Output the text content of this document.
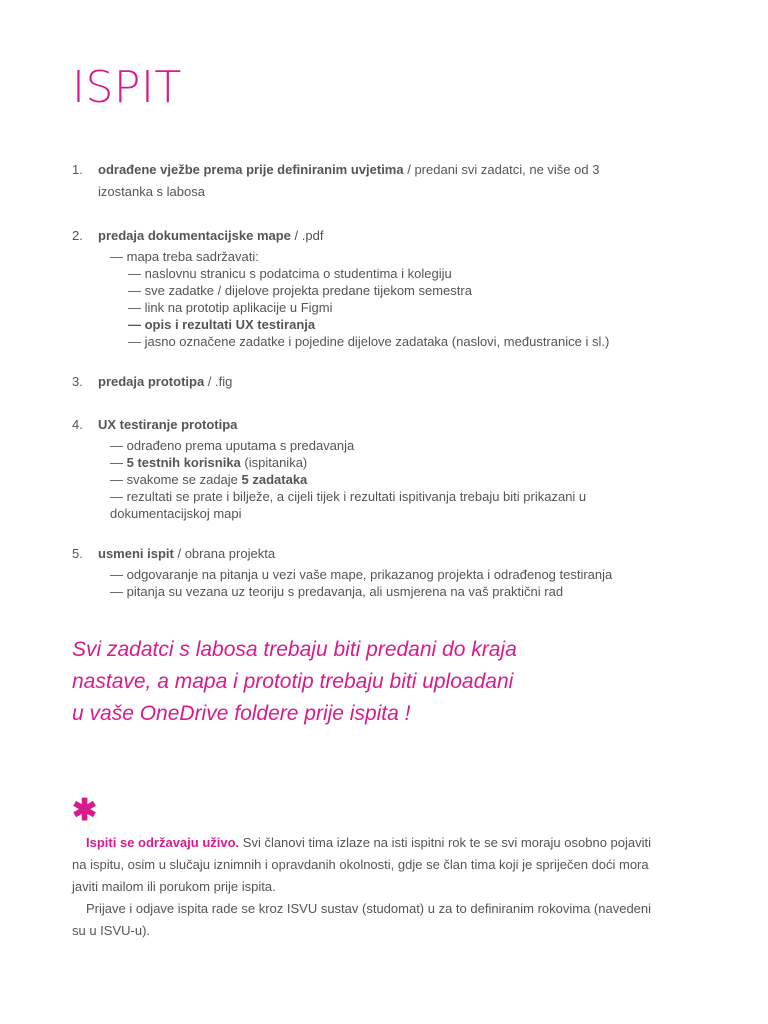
ISPIT
1. odrađene vježbe prema prije definiranim uvjetima / predani svi zadatci, ne više od 3
izostanka s labosa
2. predaja dokumentacijske mape / .pdf
— mapa treba sadržavati:
— naslovnu stranicu s podatcima o studentima i kolegiju
— sve zadatke / dijelove projekta predane tijekom semestra
— link na prototip aplikacije u Figmi
— opis i rezultati UX testiranja
— jasno označene zadatke i pojedine dijelove zadataka (naslovi, međustranice i sl.)
3. predaja prototipa / .fig
4. UX testiranje prototipa
— odrađeno prema uputama s predavanja
— 5 testnih korisnika (ispitanika)
— svakome se zadaje 5 zadataka
— rezultati se prate i bilježe, a cijeli tijek i rezultati ispitivanja trebaju biti prikazani u dokumentacijskoj mapi
5. usmeni ispit / obrana projekta
— odgovaranje na pitanja u vezi vaše mape, prikazanog projekta i odrađenog testiranja
— pitanja su vezana uz teoriju s predavanja, ali usmjerena na vaš praktični rad
Svi zadatci s labosa trebaju biti predani do kraja
nastave, a mapa i prototip trebaju biti uploadani
u vaše OneDrive foldere prije ispita !
✱

Ispiti se održavaju uživo. Svi članovi tima izlaze na isti ispitni rok te se svi moraju osobno pojaviti na ispitu, osim u slučaju iznimnih i opravdanih okolnosti, gdje se član tima koji je spriječen doći mora javiti mailom ili porukom prije ispita.

Prijave i odjave ispita rade se kroz ISVU sustav (studomat) u za to definiranim rokovima (navedeni su u ISVU-u).
